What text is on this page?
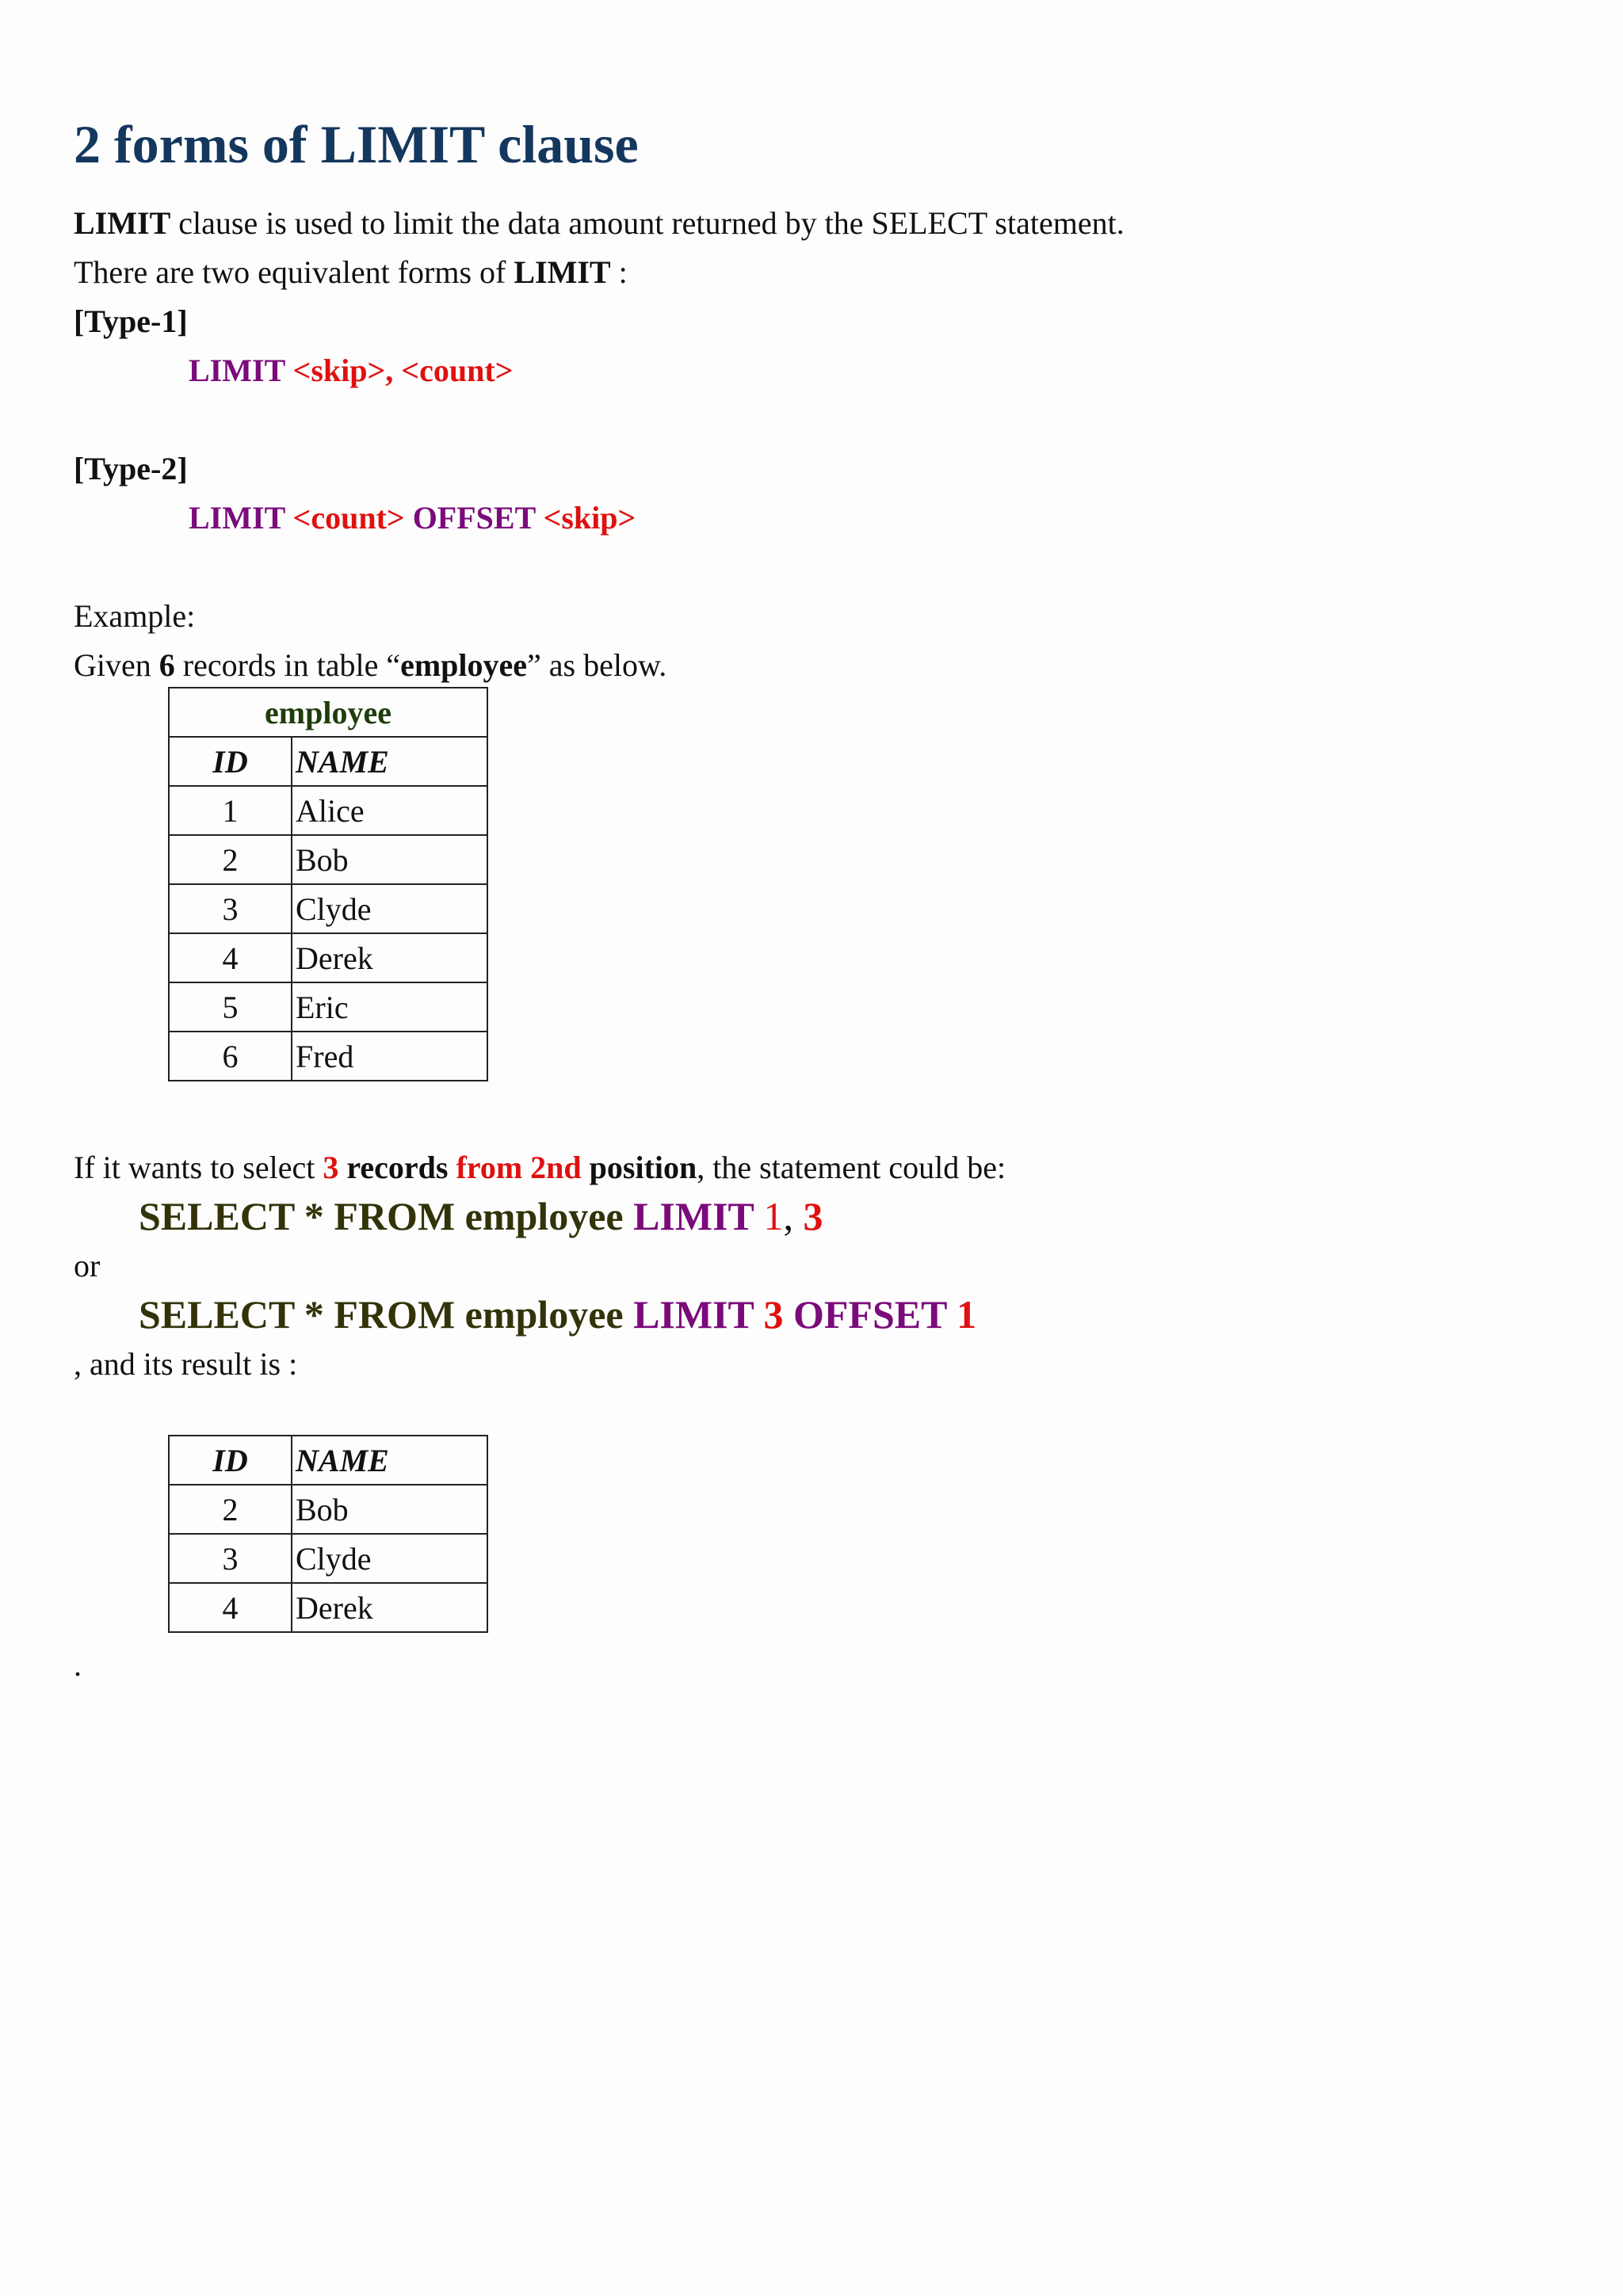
2 forms of LIMIT clause
LIMIT clause is used to limit the data amount returned by the SELECT statement.
There are two equivalent forms of LIMIT :
[Type-1]
LIMIT <skip>, <count>
[Type-2]
LIMIT <count> OFFSET <skip>
Example:
Given 6 records in table “employee” as below.
employee	
ID	NAME
1	Alice
2	Bob
3	Clyde
4	Derek
5	Eric
6	Fred
If it wants to select 3 records from 2nd position, the statement could be:
SELECT * FROM employee LIMIT 1, 3
or
SELECT * FROM employee LIMIT 3 OFFSET 1
, and its result is :
ID	NAME
2	Bob
3	Clyde
4	Derek
.
